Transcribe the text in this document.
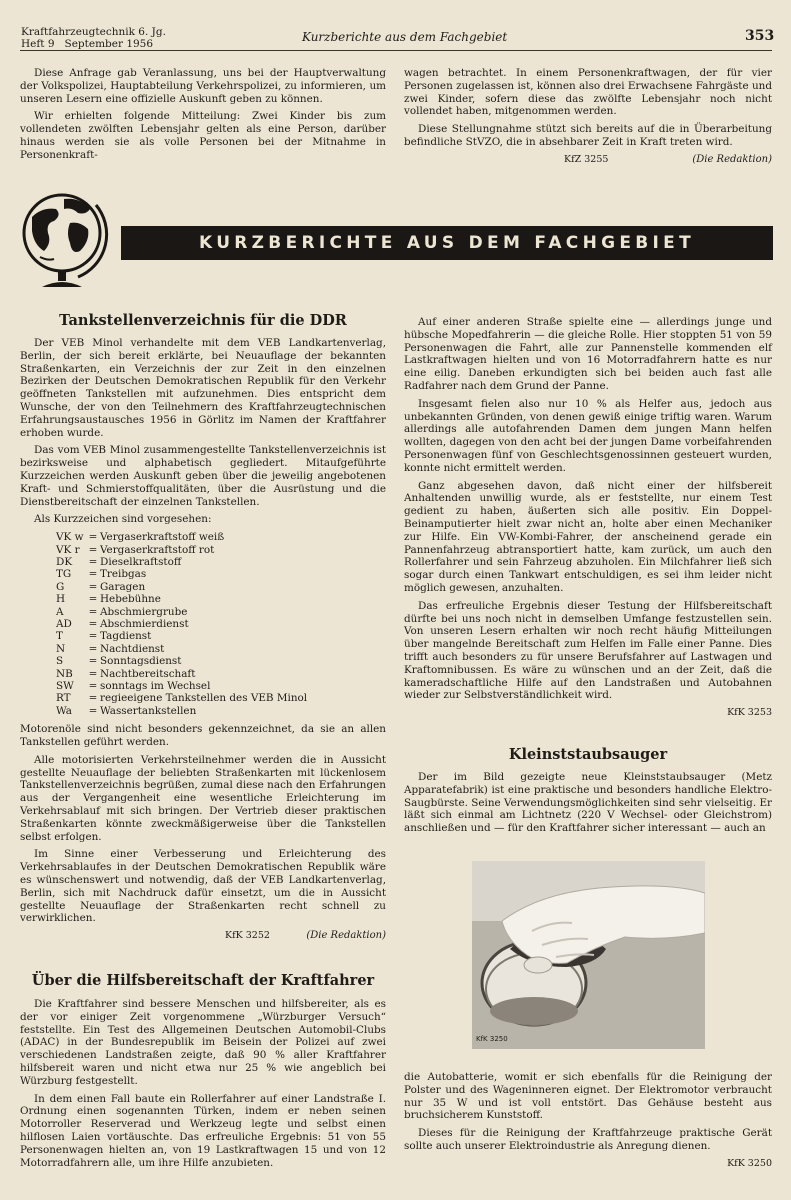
Kraftfahrzeugtechnik 6. Jg.
Heft 9 September 1956	Kurzberichte aus dem Fachgebiet	353

Diese Anfrage gab Veranlassung, uns bei der Hauptverwaltung der Volkspolizei, Hauptabteilung Verkehrspolizei, zu informieren, um unseren Lesern eine offizielle Auskunft geben zu können.

Wir erhielten folgende Mitteilung: Zwei Kinder bis zum vollendeten zwölften Lebensjahr gelten als eine Person, darüber hinaus werden sie als volle Personen bei der Mitnahme in Personenkraft-

wagen betrachtet. In einem Personenkraftwagen, der für vier Personen zugelassen ist, können also drei Erwachsene Fahrgäste und zwei Kinder, sofern diese das zwölfte Lebensjahr noch nicht vollendet haben, mitgenommen werden.

Diese Stellungnahme stützt sich bereits auf die in Überarbeitung befindliche StVZO, die in absehbarer Zeit in Kraft treten wird.

KfZ 3255	(Die Redaktion)
KURZBERICHTE AUS DEM FACHGEBIET
Tankstellenverzeichnis für die DDR

Der VEB Minol verhandelte mit dem VEB Landkartenverlag, Berlin, der sich bereit erklärte, bei Neuauflage der bekannten Straßenkarten, ein Verzeichnis der zur Zeit in den einzelnen Bezirken der Deutschen Demokratischen Republik für den Verkehr geöffneten Tankstellen mit aufzunehmen. Dies entspricht dem Wunsche, der von den Teilnehmern des Kraftfahrzeugtechnischen Erfahrungsaustausches 1956 in Görlitz im Namen der Kraftfahrer erhoben wurde.

Das vom VEB Minol zusammengestellte Tankstellenverzeichnis ist bezirksweise und alphabetisch gegliedert. Mitaufgeführte Kurzzeichen werden Auskunft geben über die jeweilig angebotenen Kraft- und Schmierstoffqualitäten, über die Ausrüstung und die Dienstbereitschaft der einzelnen Tankstellen.

Als Kurzzeichen sind vorgesehen:

VK w	=	Vergaserkraftstoff weiß
VK r	=	Vergaserkraftstoff rot
DK	=	Dieselkraftstoff
TG	=	Treibgas
G	=	Garagen
H	=	Hebebühne
A	=	Abschmiergrube
AD	=	Abschmierdienst
T	=	Tagdienst
N	=	Nachtdienst
S	=	Sonntagsdienst
NB	=	Nachtbereitschaft
SW	=	sonntags im Wechsel
RT	=	regieeigene Tankstellen des VEB Minol
Wa	=	Wassertankstellen

Motorenöle sind nicht besonders gekennzeichnet, da sie an allen Tankstellen geführt werden.

Alle motorisierten Verkehrsteilnehmer werden die in Aussicht gestellte Neuauflage der beliebten Straßenkarten mit lückenlosem Tankstellenverzeichnis begrüßen, zumal diese nach den Erfahrungen aus der Vergangenheit eine wesentliche Erleichterung im Verkehrsablauf mit sich bringen. Der Vertrieb dieser praktischen Straßenkarten könnte zweckmäßigerweise über die Tankstellen selbst erfolgen.

Im Sinne einer Verbesserung und Erleichterung des Verkehrsablaufes in der Deutschen Demokratischen Republik wäre es wünschenswert und notwendig, daß der VEB Landkartenverlag, Berlin, sich mit Nachdruck dafür einsetzt, um die in Aussicht gestellte Neuauflage der Straßenkarten recht schnell zu verwirklichen.

KfK 3252	(Die Redaktion)
Über die Hilfsbereitschaft der Kraftfahrer

Die Kraftfahrer sind bessere Menschen und hilfsbereiter, als es der vor einiger Zeit vorgenommene „Würzburger Versuch“ feststellte. Ein Test des Allgemeinen Deutschen Automobil-Clubs (ADAC) in der Bundesrepublik im Beisein der Polizei auf zwei verschiedenen Landstraßen zeigte, daß 90 % aller Kraftfahrer hilfsbereit waren und nicht etwa nur 25 % wie angeblich bei Würzburg festgestellt.

In dem einen Fall baute ein Rollerfahrer auf einer Landstraße I. Ordnung einen sogenannten Türken, indem er neben seinen Motorroller Reserverad und Werkzeug legte und selbst einen hilflosen Laien vortäuschte. Das erfreuliche Ergebnis: 51 von 55 Personenwagen hielten an, von 19 Lastkraftwagen 15 und von 12 Motorradfahrern alle, um ihre Hilfe anzubieten.

Auf einer anderen Straße spielte eine — allerdings junge und hübsche Mopedfahrerin — die gleiche Rolle. Hier stoppten 51 von 59 Personenwagen die Fahrt, alle zur Pannenstelle kommenden elf Lastkraftwagen hielten und von 16 Motorradfahrern hatte es nur eine eilig. Daneben erkundigten sich bei beiden auch fast alle Radfahrer nach dem Grund der Panne.

Insgesamt fielen also nur 10 % als Helfer aus, jedoch aus unbekannten Gründen, von denen gewiß einige triftig waren. Warum allerdings alle autofahrenden Damen dem jungen Mann helfen wollten, dagegen von den acht bei der jungen Dame vorbeifahrenden Personenwagen fünf von Geschlechtsgenossinnen gesteuert wurden, konnte nicht ermittelt werden.

Ganz abgesehen davon, daß nicht einer der hilfsbereit Anhaltenden unwillig wurde, als er feststellte, nur einem Test gedient zu haben, äußerten sich alle positiv. Ein Doppel-Beinamputierter hielt zwar nicht an, holte aber einen Mechaniker zur Hilfe. Ein VW-Kombi-Fahrer, der anscheinend gerade ein Pannenfahrzeug abtransportiert hatte, kam zurück, um auch den Rollerfahrer und sein Fahrzeug abzuholen. Ein Milchfahrer ließ sich sogar durch einen Tankwart entschuldigen, es sei ihm leider nicht möglich gewesen, anzuhalten.

Das erfreuliche Ergebnis dieser Testung der Hilfsbereitschaft dürfte bei uns noch nicht in demselben Umfange festzustellen sein. Von unseren Lesern erhalten wir noch recht häufig Mitteilungen über mangelnde Bereitschaft zum Helfen im Falle einer Panne. Dies trifft auch besonders zu für unsere Berufsfahrer auf Lastwagen und Kraftomnibussen. Es wäre zu wünschen und an der Zeit, daß die kameradschaftliche Hilfe auf den Landstraßen und Autobahnen wieder zur Selbstverständlichkeit wird.

KfK 3253
Kleinststaubsauger

Der im Bild gezeigte neue Kleinststaubsauger (Metz Apparatefabrik) ist eine praktische und besonders handliche Elektro-Saugbürste. Seine Verwendungsmöglichkeiten sind sehr vielseitig. Er läßt sich einmal am Lichtnetz (220 V Wechsel- oder Gleichstrom) anschließen und — für den Kraftfahrer sicher interessant — auch an

KfK 3250

die Autobatterie, womit er sich ebenfalls für die Reinigung der Polster und des Wageninneren eignet. Der Elektromotor verbraucht nur 35 W und ist voll entstört. Das Gehäuse besteht aus bruchsicherem Kunststoff.

Dieses für die Reinigung der Kraftfahrzeuge praktische Gerät sollte auch unserer Elektroindustrie als Anregung dienen.

KfK 3250
